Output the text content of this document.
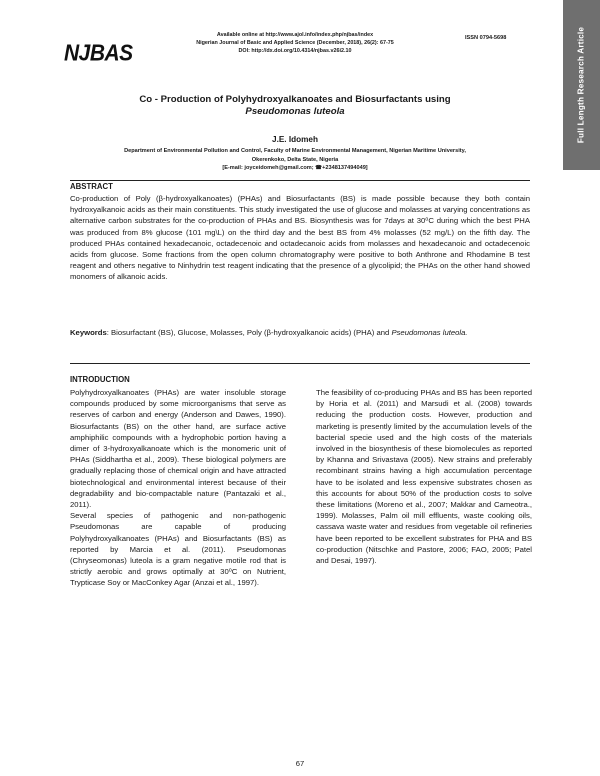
Available online at http://www.ajol.info/index.php/njbas/index
Nigerian Journal of Basic and Applied Science (December, 2018), 26(2): 67-75
DOI: http://dx.doi.org/10.4314/njbas.v26i2.10
ISSN 0794-5698
NJBAS	Full Length Research Article
Co - Production of Polyhydroxyalkanoates and Biosurfactants using
Pseudomonas luteola
J.E. Idomeh
Department of Environmental Pollution and Control, Faculty of Marine Environmental Management, Nigerian Maritime University,
Okerenkoko, Delta State, Nigeria
[E-mail: joyceidomeh@gmail.com; ☎+2348137494049]
ABSTRACT
Co-production of Poly (β-hydroxyalkanoates) (PHAs) and Biosurfactants (BS) is made possible because they both contain hydroxyalkanoic acids as their main constituents. This study investigated the use of glucose and molasses at varying concentrations as alternative carbon substrates for the co-production of PHAs and BS. Biosynthesis was for 7days at 30⁰C during which the best PHA was produced from 8% glucose (101 mg\L) on the third day and the best BS from 4% molasses (52 mg/L) on the fifth day. The produced PHAs contained hexadecanoic, octadecenoic and octadecanoic acids from molasses and hexadecanoic and octadecenoic acids from glucose. Some fractions from the open column chromatography were positive to both Anthrone and Rhodamine B test reagent and others negative to Ninhydrin test reagent indicating that the presence of a glycolipid; the PHAs on the other hand showed monomers of alkanoic acids.
Keywords: Biosurfactant (BS), Glucose, Molasses, Poly (β-hydroxyalkanoic acids) (PHA) and Pseudomonas luteola.
INTRODUCTION

Polyhydroxyalkanoates (PHAs) are water insoluble storage compounds produced by some microorganisms that serve as reserves of carbon and energy (Anderson and Dawes, 1990). Biosurfactants (BS) on the other hand, are surface active amphiphilic compounds with a hydrophobic portion having a dimer of 3-hydroxyalkanoate which is the monomeric unit of PHAs (Siddhartha et al., 2009). These biological polymers are gradually replacing those of chemical origin and have attracted biotechnological and environmental interest because of their degradability and bio-compactable nature (Pantazaki et al., 2011).

Several species of pathogenic and non-pathogenic Pseudomonas are capable of producing Polyhydroxyalkanoates (PHAs) and Biosurfactants (BS) as reported by Marcia et al. (2011). Pseudomonas (Chryseomonas) luteola is a gram negative motile rod that is strictly aerobic and grows optimally at 30⁰C on Nutrient, Trypticase Soy or MacConkey Agar (Anzai et al., 1997).

The feasibility of co-producing PHAs and BS has been reported by Horia et al. (2011) and Marsudi et al. (2008) towards reducing the production costs. However, production and marketing is presently limited by the accumulation levels of the bacterial specie used and the high costs of the materials involved in the biosynthesis of these biomolecules as reported by Khanna and Srivastava (2005). New strains and preferably recombinant strains having a high accumulation percentage have to be isolated and less expensive substrates chosen as this accounts for about 50% of the production costs to solve these limitations (Moreno et al., 2007; Makkar and Cameotra., 1999). Molasses, Palm oil mill effluents, waste cooking oils, cassava waste water and residues from vegetable oil refineries have been reported to be excellent substrates for PHA and BS co-production (Nitschke and Pastore, 2006; FAO, 2005; Patel and Desai, 1997).

67
